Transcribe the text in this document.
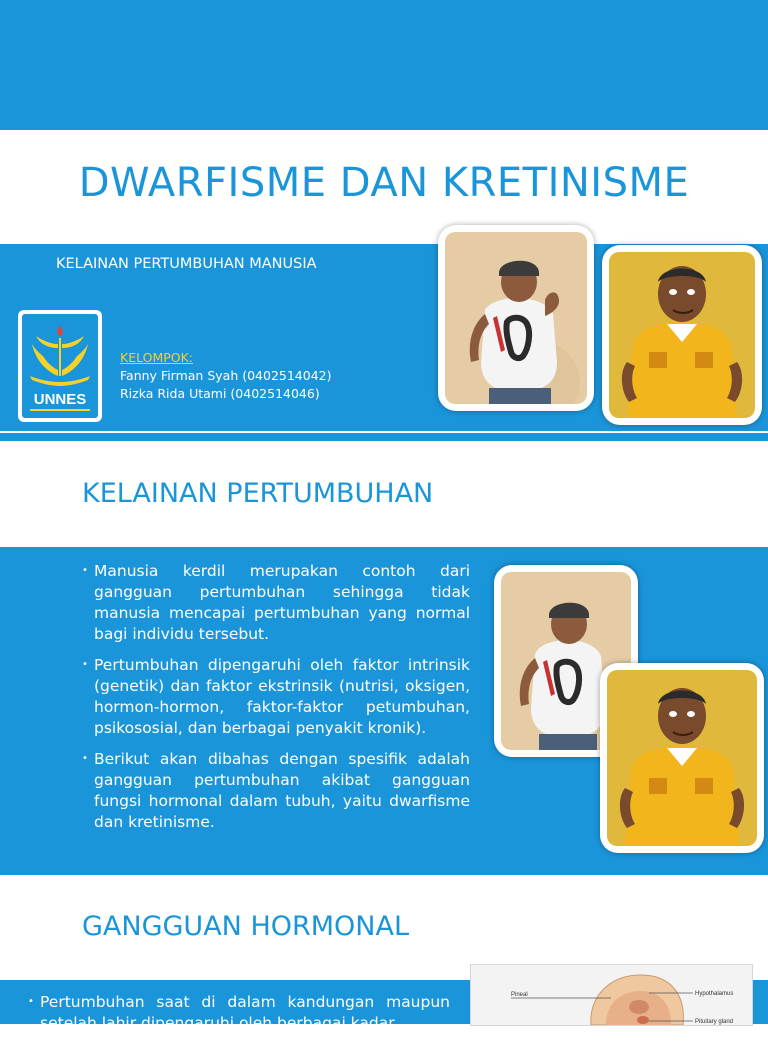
DWARFISME DAN KRETINISME
KELAINAN PERTUMBUHAN MANUSIA
UNNES
KELOMPOK:
Fanny Firman Syah (0402514042)
Rizka Rida Utami (0402514046)
KELAINAN PERTUMBUHAN
• Manusia kerdil merupakan contoh dari gangguan pertumbuhan sehingga tidak manusia mencapai pertumbuhan yang normal bagi individu tersebut.
• Pertumbuhan dipengaruhi oleh faktor intrinsik (genetik) dan faktor ekstrinsik (nutrisi, oksigen, hormon-hormon, faktor-faktor petumbuhan, psikososial, dan berbagai penyakit kronik).
• Berikut akan dibahas dengan spesifik adalah gangguan pertumbuhan akibat gangguan fungsi hormonal dalam tubuh, yaitu dwarfisme dan kretinisme.
GANGGUAN HORMONAL
• Pertumbuhan saat di dalam kandungan maupun setelah lahir dipengaruhi oleh berbagai kadar
Pineal	Hypothalamus
Pituitary gland
